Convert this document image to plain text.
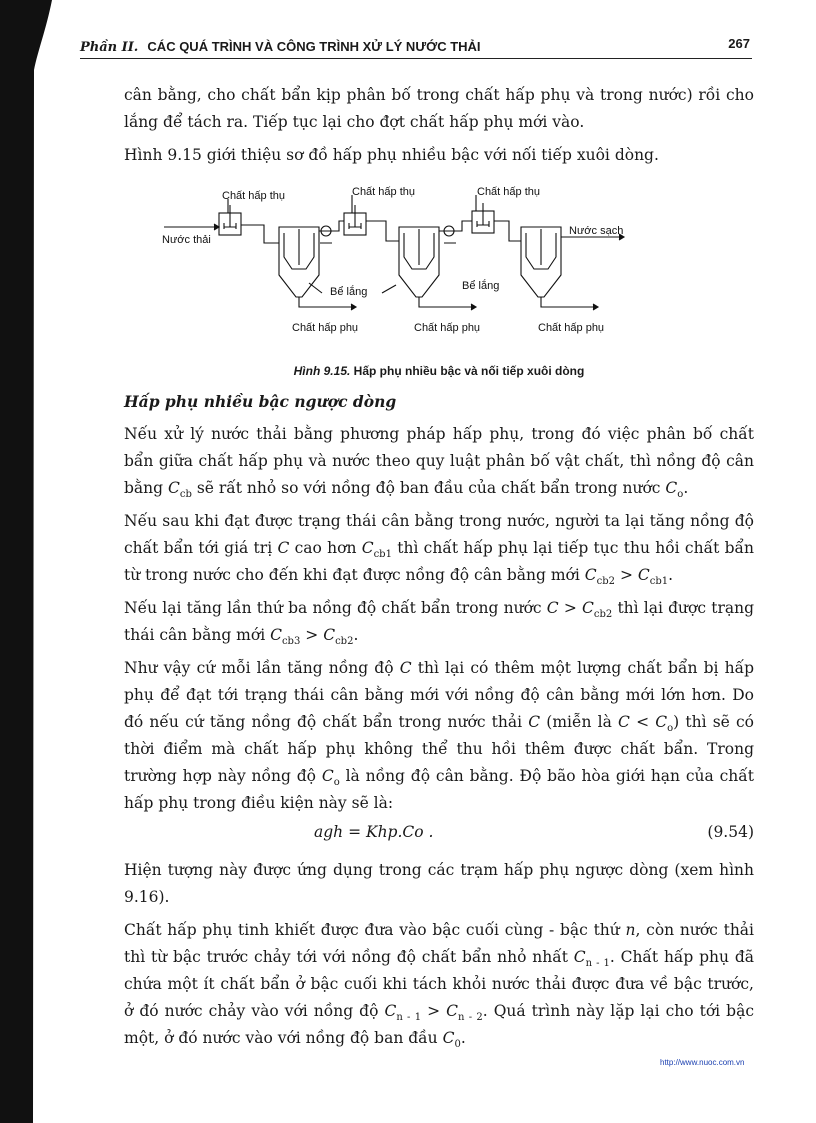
Phần II. CÁC QUÁ TRÌNH VÀ CÔNG TRÌNH XỬ LÝ NƯỚC THẢI	267

cân bằng, cho chất bẩn kịp phân bố trong chất hấp phụ và trong nước) rồi cho lắng để tách ra. Tiếp tục lại cho đợt chất hấp phụ mới vào.

Hình 9.15 giới thiệu sơ đồ hấp phụ nhiều bậc với nối tiếp xuôi dòng.

Chất hấp thụ	Chất hấp thụ	Chất hấp thụ
Nước thải
Nước sạch
Bể lắng	Bể lắng
Chất hấp phụ	Chất hấp phụ	Chất hấp phụ
Hình 9.15. Hấp phụ nhiều bậc và nối tiếp xuôi dòng
Hấp phụ nhiều bậc ngược dòng

Nếu xử lý nước thải bằng phương pháp hấp phụ, trong đó việc phân bố chất bẩn giữa chất hấp phụ và nước theo quy luật phân bố vật chất, thì nồng độ cân bằng $C_{cb}$ sẽ rất nhỏ so với nồng độ ban đầu của chất bẩn trong nước $C_o$.

Nếu sau khi đạt được trạng thái cân bằng trong nước, người ta lại tăng nồng độ chất bẩn tới giá trị C cao hơn $C_{cb1}$ thì chất hấp phụ lại tiếp tục thu hồi chất bẩn từ trong nước cho đến khi đạt được nồng độ cân bằng mới $C_{cb2} > C_{cb1}$.

Nếu lại tăng lần thứ ba nồng độ chất bẩn trong nước $C > C_{cb2}$ thì lại được trạng thái cân bằng mới $C_{cb3} > C_{cb2}$.

Như vậy cứ mỗi lần tăng nồng độ C thì lại có thêm một lượng chất bẩn bị hấp phụ để đạt tới trạng thái cân bằng mới với nồng độ cân bằng mới lớn hơn. Do đó nếu cứ tăng nồng độ chất bẩn trong nước thải C (miễn là $C < C_o$) thì sẽ có thời điểm mà chất hấp phụ không thể thu hồi thêm được chất bẩn. Trong trường hợp này nồng độ $C_o$ là nồng độ cân bằng. Độ bão hòa giới hạn của chất hấp phụ trong điều kiện này sẽ là:

agh = Khp.Co .	(9.54)

Hiện tượng này được ứng dụng trong các trạm hấp phụ ngược dòng (xem hình 9.16).

Chất hấp phụ tinh khiết được đưa vào bậc cuối cùng - bậc thứ n, còn nước thải thì từ bậc trước chảy tới với nồng độ chất bẩn nhỏ nhất $C_{n - 1}$. Chất hấp phụ đã chứa một ít chất bẩn ở bậc cuối khi tách khỏi nước thải được đưa về bậc trước, ở đó nước chảy vào với nồng độ $C_{n - 1} > C_{n - 2}$. Quá trình này lặp lại cho tới bậc một, ở đó nước vào với nồng độ ban đầu $C_0$.

http://www.nuoc.com.vn
